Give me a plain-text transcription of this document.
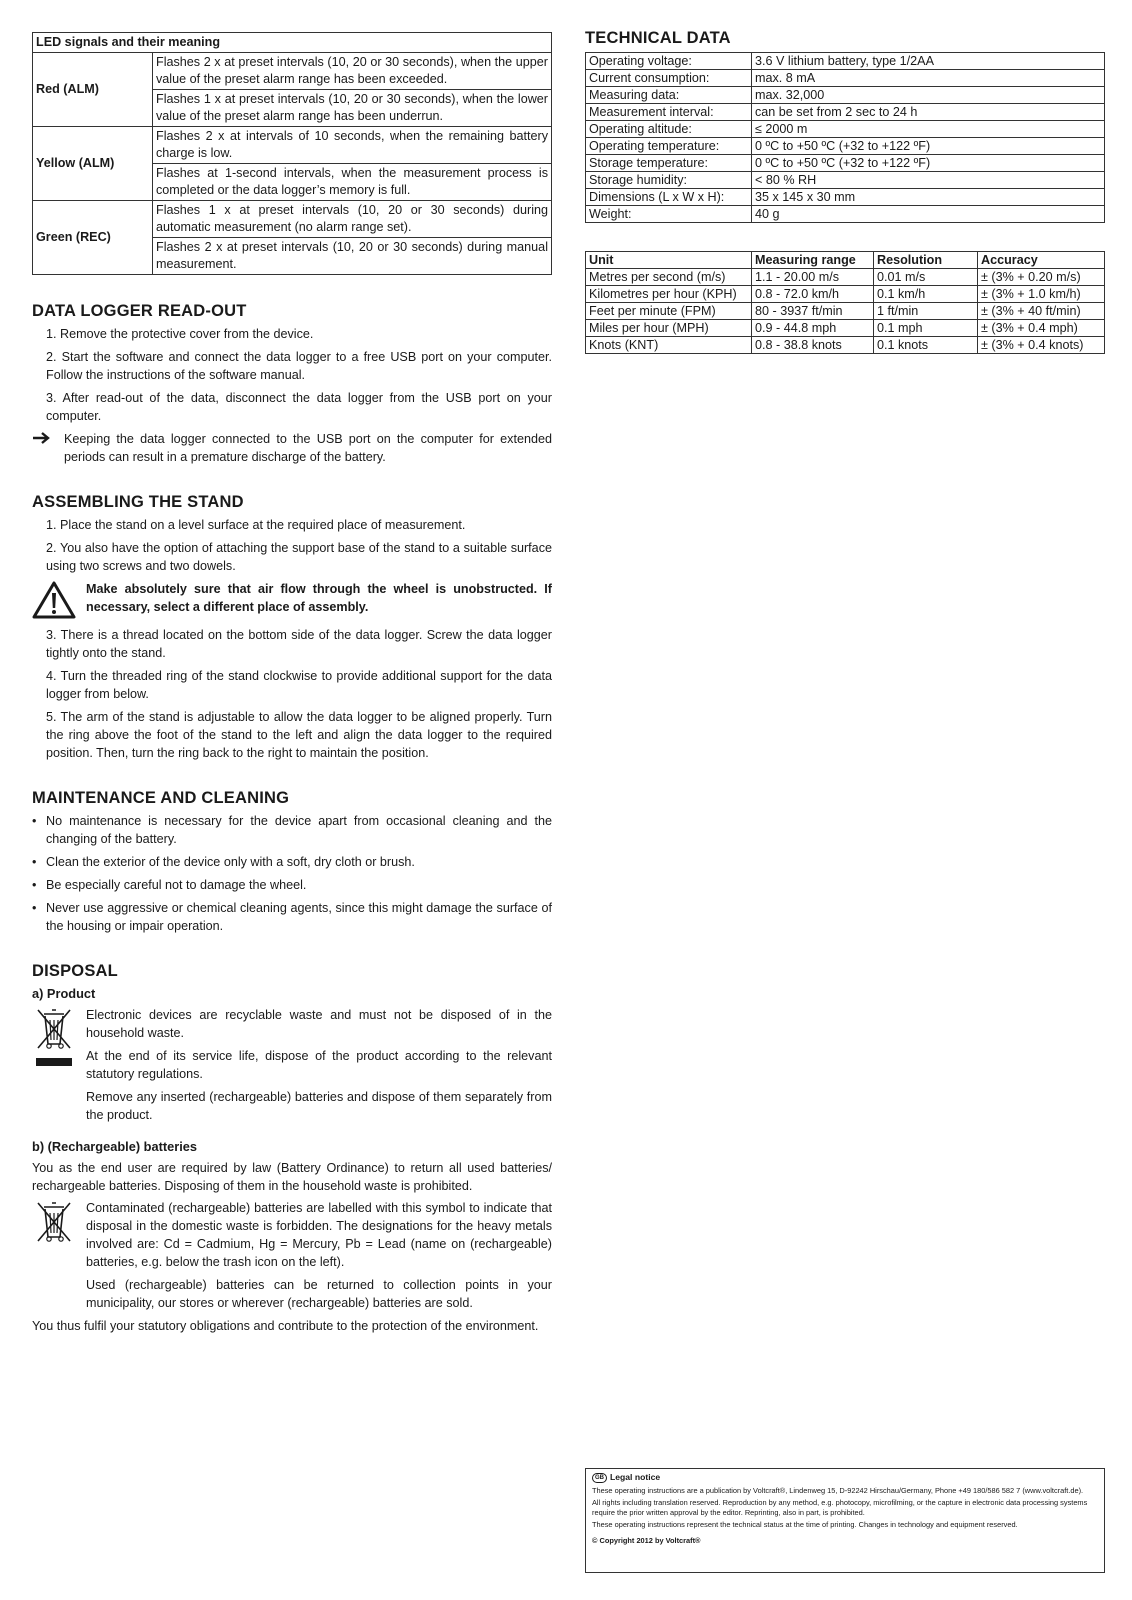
LED signals and their meaning	
Red (ALM)	Flashes 2 x at preset intervals (10, 20 or 30 seconds), when the upper value of the preset alarm range has been exceeded.
	Flashes 1 x at preset intervals (10, 20 or 30 seconds), when the lower value of the preset alarm range has been underrun.
Yellow (ALM)	Flashes 2 x at intervals of 10 seconds, when the remaining battery charge is low.
	Flashes at 1-second intervals, when the measurement process is completed or the data logger’s memory is full.
Green (REC)	Flashes 1 x at preset intervals (10, 20 or 30 seconds) during automatic measurement (no alarm range set).
	Flashes 2 x at preset intervals (10, 20 or 30 seconds) during manual measurement.
DATA LOGGER READ-OUT
1. Remove the protective cover from the device.
2. Start the software and connect the data logger to a free USB port on your computer. Follow the instructions of the software manual.
3. After read-out of the data, disconnect the data logger from the USB port on your computer.
Keeping the data logger connected to the USB port on the computer for extended periods can result in a premature discharge of the battery.
ASSEMBLING THE STAND
1. Place the stand on a level surface at the required place of measurement.
2. You also have the option of attaching the support base of the stand to a suitable surface using two screws and two dowels.
Make absolutely sure that air flow through the wheel is unobstructed. If necessary, select a different place of assembly.
3. There is a thread located on the bottom side of the data logger. Screw the data logger tightly onto the stand.
4. Turn the threaded ring of the stand clockwise to provide additional support for the data logger from below.
5. The arm of the stand is adjustable to allow the data logger to be aligned properly. Turn the ring above the foot of the stand to the left and align the data logger to the required position. Then, turn the ring back to the right to maintain the position.
MAINTENANCE AND CLEANING
• No maintenance is necessary for the device apart from occasional cleaning and the changing of the battery.
• Clean the exterior of the device only with a soft, dry cloth or brush.
• Be especially careful not to damage the wheel.
• Never use aggressive or chemical cleaning agents, since this might damage the surface of the housing or impair operation.
DISPOSAL
a) Product

Electronic devices are recyclable waste and must not be disposed of in the household waste.

At the end of its service life, dispose of the product according to the relevant statutory regulations.

Remove any inserted (rechargeable) batteries and dispose of them separately from the product.

b) (Rechargeable) batteries

You as the end user are required by law (Battery Ordinance) to return all used batteries/ rechargeable batteries. Disposing of them in the household waste is prohibited.

Contaminated (rechargeable) batteries are labelled with this symbol to indicate that disposal in the domestic waste is forbidden. The designations for the heavy metals involved are: Cd = Cadmium, Hg = Mercury, Pb = Lead (name on (rechargeable) batteries, e.g. below the trash icon on the left).

Used (rechargeable) batteries can be returned to collection points in your municipality, our stores or wherever (rechargeable) batteries are sold.

You thus fulfil your statutory obligations and contribute to the protection of the environment.

TECHNICAL DATA
Operating voltage:	3.6 V lithium battery, type 1/2AA
Current consumption:	max. 8 mA
Measuring data:	max. 32,000
Measurement interval:	can be set from 2 sec to 24 h
Operating altitude:	≤ 2000 m
Operating temperature:	0 ºC to +50 ºC (+32 to +122 ºF)
Storage temperature:	0 ºC to +50 ºC (+32 to +122 ºF)
Storage humidity:	< 80 % RH
Dimensions (L x W x H):	35 x 145 x 30 mm
Weight:	40 g
Unit	Measuring range	Resolution	Accuracy
Metres per second (m/s)	1.1 - 20.00 m/s	0.01 m/s	± (3% + 0.20 m/s)
Kilometres per hour (KPH)	0.8 - 72.0 km/h	0.1 km/h	± (3% + 1.0 km/h)
Feet per minute (FPM)	80 - 3937 ft/min	1 ft/min	± (3% + 40 ft/min)
Miles per hour (MPH)	0.9 - 44.8 mph	0.1 mph	± (3% + 0.4 mph)
Knots (KNT)	0.8 - 38.8 knots	0.1 knots	± (3% + 0.4 knots)
GB Legal notice

These operating instructions are a publication by Voltcraft®, Lindenweg 15, D-92242 Hirschau/Germany, Phone +49 180/586 582 7 (www.voltcraft.de).

All rights including translation reserved. Reproduction by any method, e.g. photocopy, microfilming, or the capture in electronic data processing systems require the prior written approval by the editor. Reprinting, also in part, is prohibited.

These operating instructions represent the technical status at the time of printing. Changes in technology and equipment reserved.

© Copyright 2012 by Voltcraft®
